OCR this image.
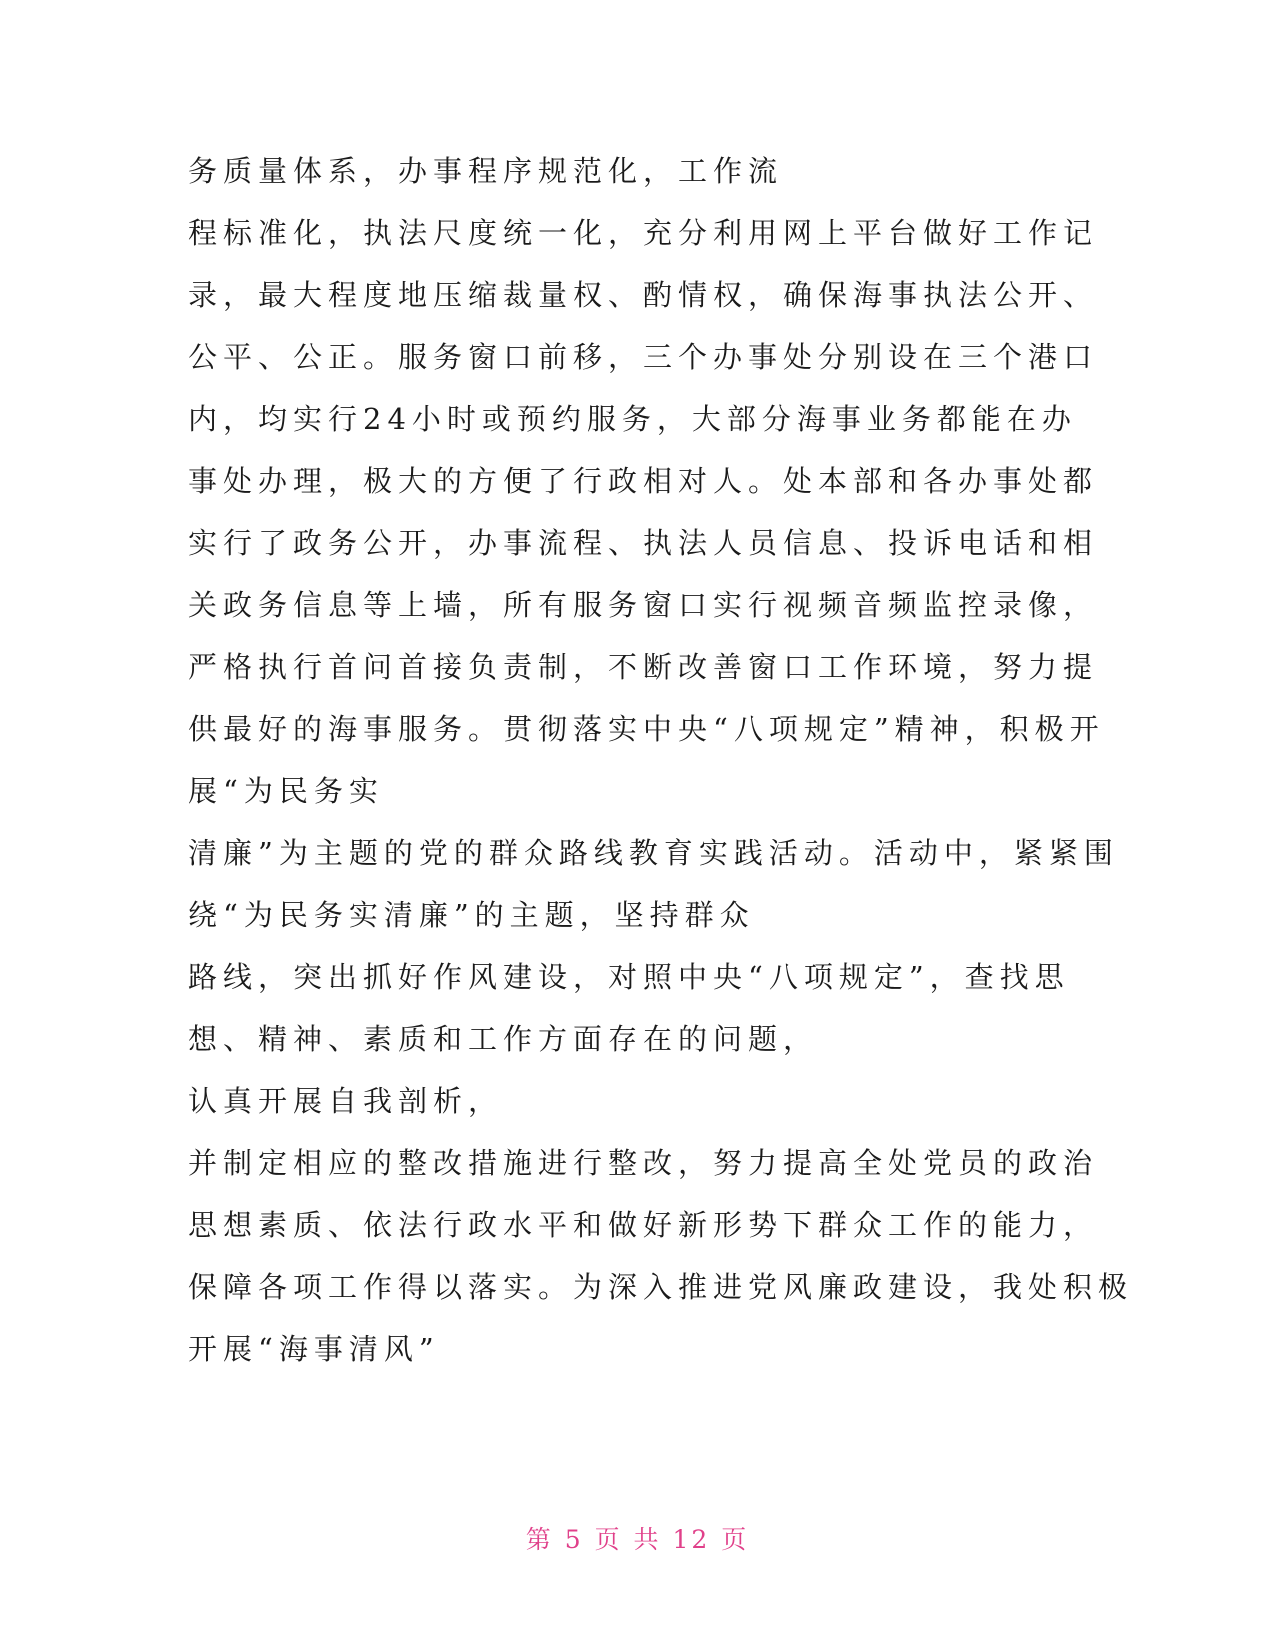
务质量体系，办事程序规范化，工作流
程标准化，执法尺度统一化，充分利用网上平台做好工作记
录，最大程度地压缩裁量权、酌情权，确保海事执法公开、
公平、公正。服务窗口前移，三个办事处分别设在三个港口
内，均实行24小时或预约服务，大部分海事业务都能在办
事处办理，极大的方便了行政相对人。处本部和各办事处都
实行了政务公开，办事流程、执法人员信息、投诉电话和相
关政务信息等上墙，所有服务窗口实行视频音频监控录像，
严格执行首问首接负责制，不断改善窗口工作环境，努力提
供最好的海事服务。贯彻落实中央“八项规定”精神，积极开
展“为民务实
清廉”为主题的党的群众路线教育实践活动。活动中，紧紧围
绕“为民务实清廉”的主题，坚持群众
路线，突出抓好作风建设，对照中央“八项规定”，查找思
想、精神、素质和工作方面存在的问题，
认真开展自我剖析，
并制定相应的整改措施进行整改，努力提高全处党员的政治
思想素质、依法行政水平和做好新形势下群众工作的能力，
保障各项工作得以落实。为深入推进党风廉政建设，我处积极
开展“海事清风”
第 5 页 共 12 页
